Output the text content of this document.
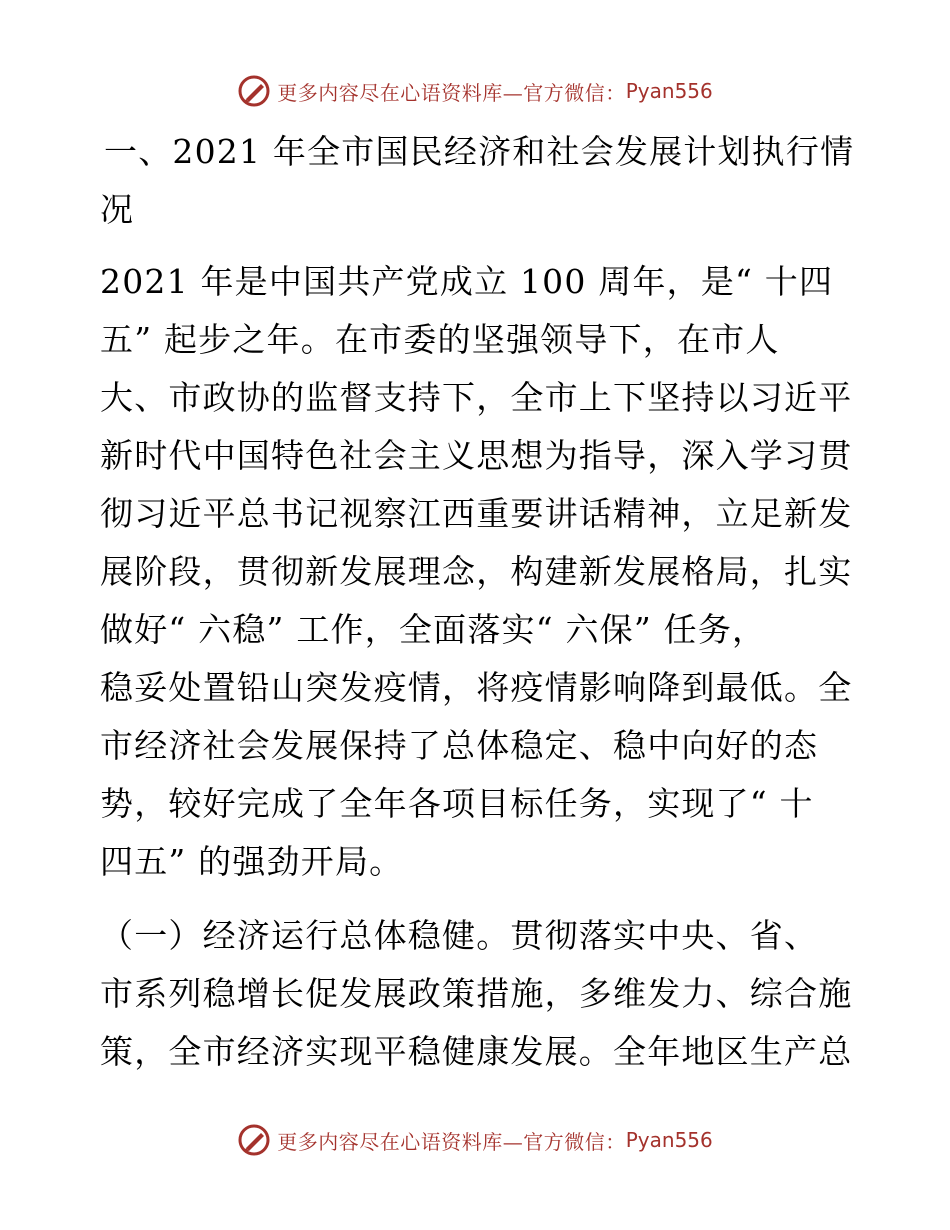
更多内容尽在心语资料库—官方微信： Pyan556
一、2021 年全市国民经济和社会发展计划执行情
况
2021 年是中国共产党成立 100 周年，是“ 十四
五” 起步之年。在市委的坚强领导下，在市人
大、市政协的监督支持下，全市上下坚持以习近平
新时代中国特色社会主义思想为指导，深入学习贯
彻习近平总书记视察江西重要讲话精神，立足新发
展阶段，贯彻新发展理念，构建新发展格局，扎实
做好“ 六稳” 工作，全面落实“ 六保” 任务，
稳妥处置铅山突发疫情，将疫情影响降到最低。全
市经济社会发展保持了总体稳定、稳中向好的态
势，较好完成了全年各项目标任务，实现了“ 十
四五” 的强劲开局。
（一）经济运行总体稳健。贯彻落实中央、省、
市系列稳增长促发展政策措施，多维发力、综合施
策，全市经济实现平稳健康发展。全年地区生产总
更多内容尽在心语资料库—官方微信： Pyan556
